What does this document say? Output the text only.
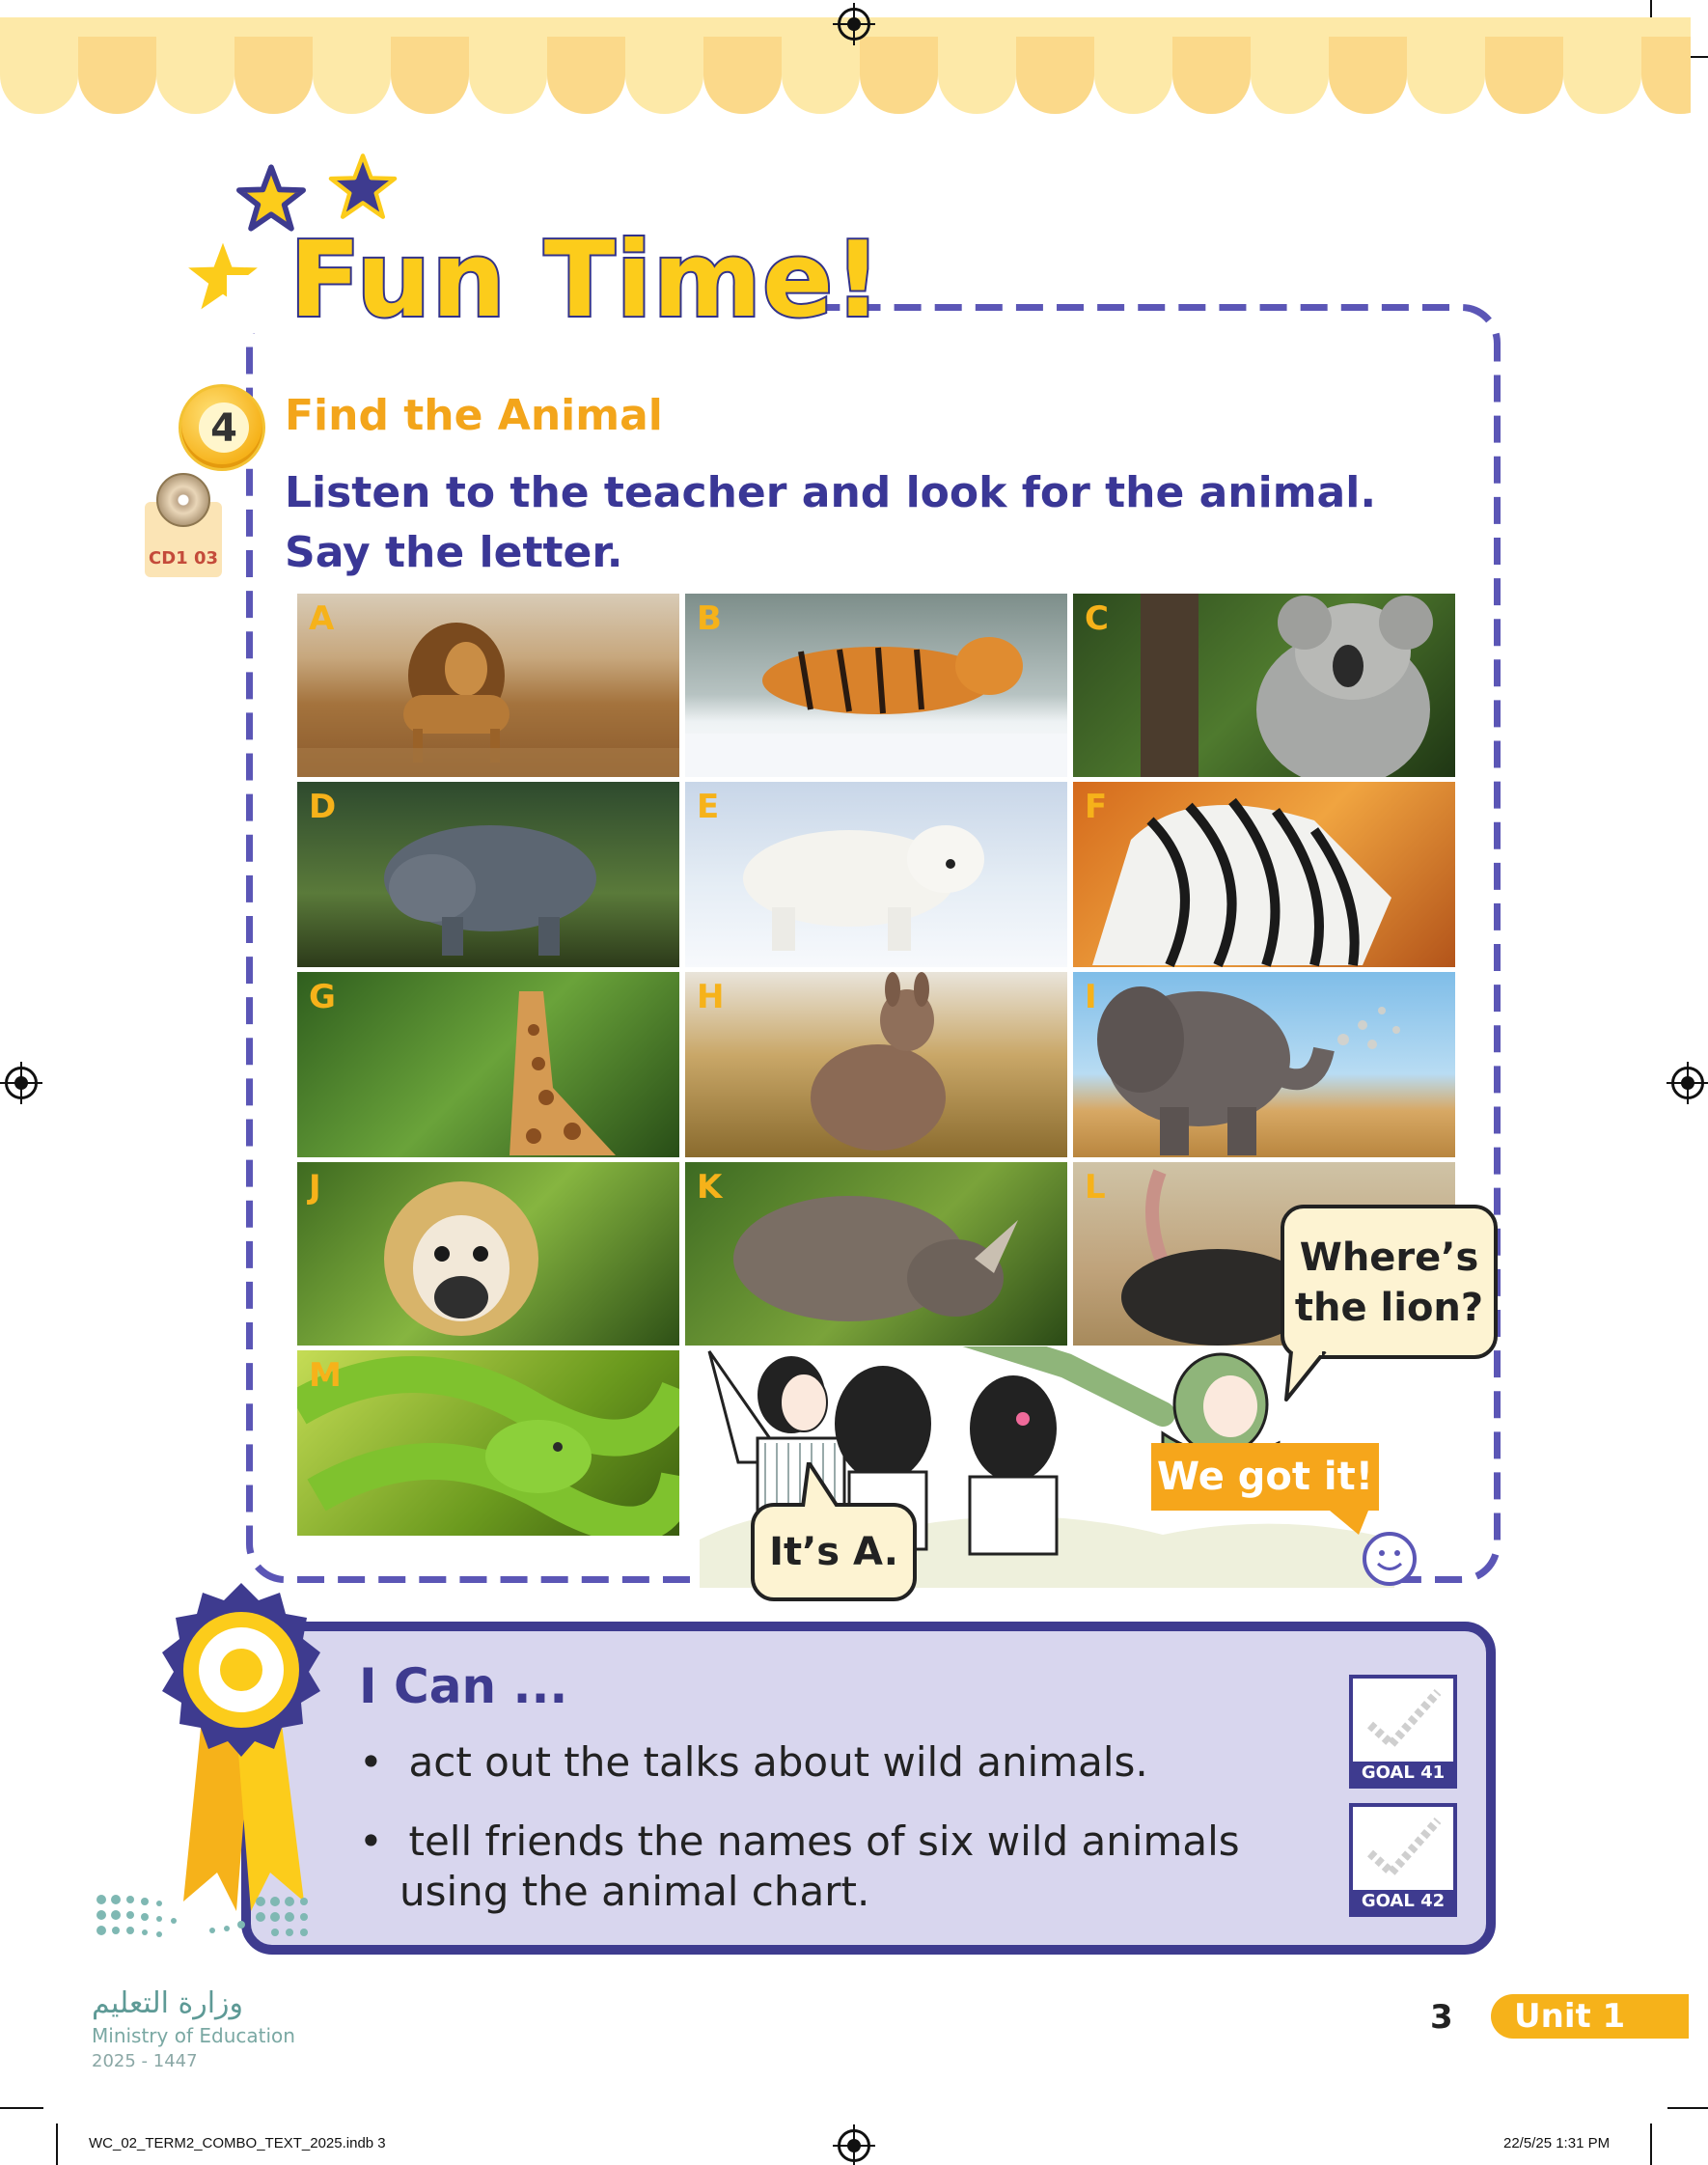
Fun Time!
4 Find the Animal
Listen to the teacher and look for the animal.
Say the letter.
CD1 03
A	B	C
D	E	F
G	H	I
J	K	L
M
Where’s
the lion?
It’s A.
We got it!
I Can ...
• act out the talks about wild animals.
• tell friends the names of six wild animals
using the animal chart.
GOAL 41
GOAL 42
وزارة التعليم
Ministry of Education
2025 - 1447
3	Unit 1
WC_02_TERM2_COMBO_TEXT_2025.indb 3	22/5/25 1:31 PM
